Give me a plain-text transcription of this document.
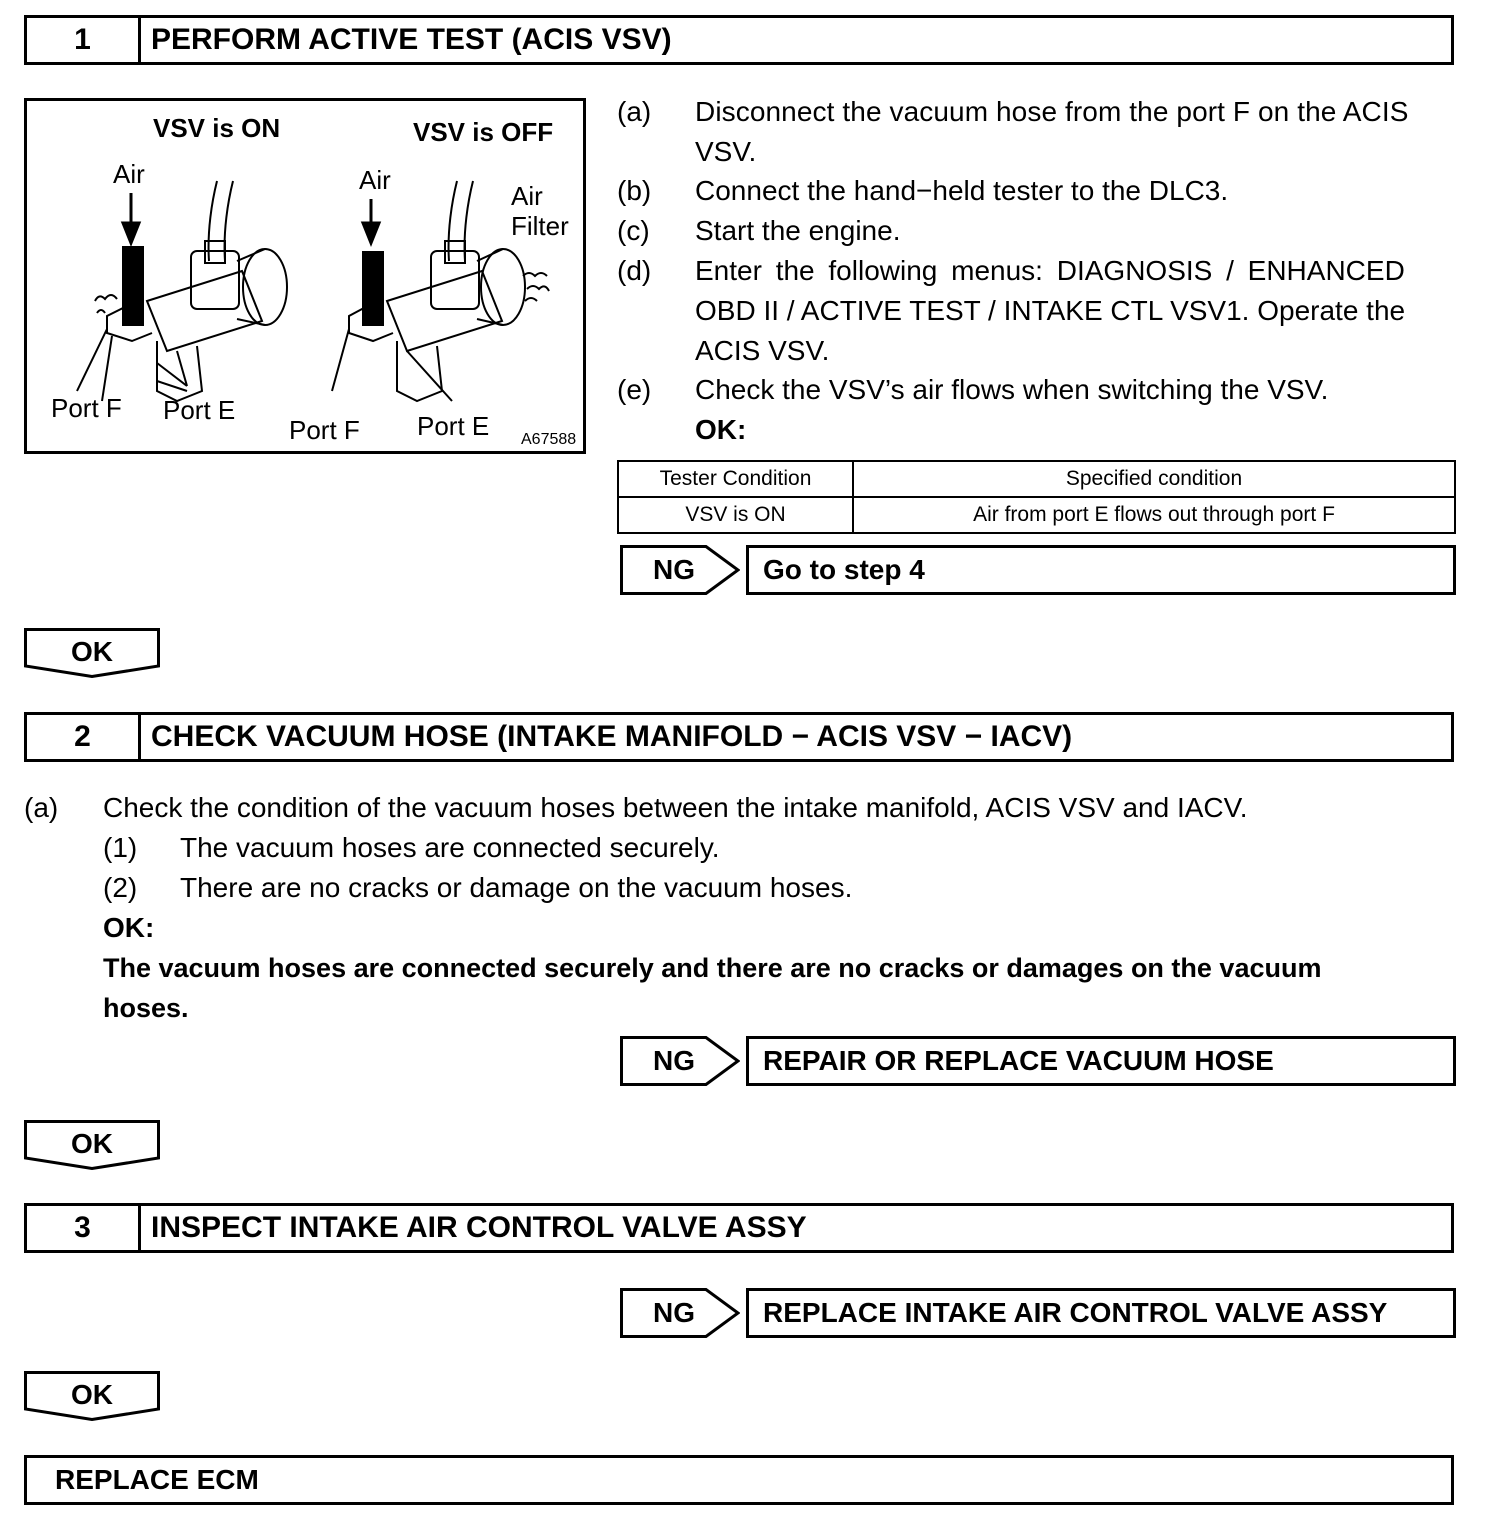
1	PERFORM ACTIVE TEST (ACIS VSV)
VSV is ON	VSV is OFF
Air	Air
Air
Filter
Port F Port E
Port F Port E A67588
(a) Disconnect the vacuum hose from the port F on the ACIS
VSV.
(b) Connect the hand−held tester to the DLC3.
(c) Start the engine.
(d) Enter the following menus: DIAGNOSIS / ENHANCED
OBD II / ACTIVE TEST / INTAKE CTL VSV1. Operate the
ACIS VSV.
(e) Check the VSV’s air flows when switching the VSV.
OK:
Tester Condition	Specified condition
VSV is ON	Air from port E flows out through port F
NG	Go to step 4
OK
2	CHECK VACUUM HOSE (INTAKE MANIFOLD − ACIS VSV − IACV)
(a) Check the condition of the vacuum hoses between the intake manifold, ACIS VSV and IACV.
(1) The vacuum hoses are connected securely.
(2) There are no cracks or damage on the vacuum hoses.
OK:
The vacuum hoses are connected securely and there are no cracks or damages on the vacuum
hoses.
NG	REPAIR OR REPLACE VACUUM HOSE
OK
3	INSPECT INTAKE AIR CONTROL VALVE ASSY
NG	REPLACE INTAKE AIR CONTROL VALVE ASSY
OK
REPLACE ECM
